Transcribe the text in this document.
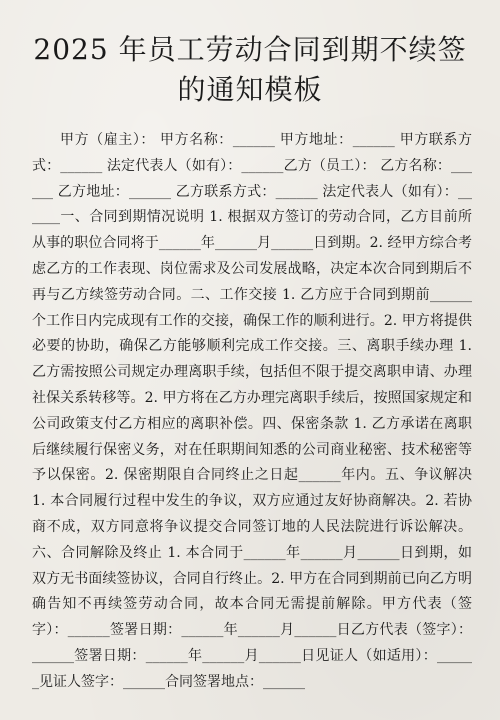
2025 年员工劳动合同到期不续签
的通知模板

甲方（雇主）： 甲方名称：______ 甲方地址：______ 甲方联系方式：______ 法定代表人（如有）：______乙方（员工）： 乙方名称：______ 乙方地址：______ 乙方联系方式：______ 法定代表人（如有）：______一、合同到期情况说明 1. 根据双方签订的劳动合同，乙方目前所从事的职位合同将于______年______月______日到期。2. 经甲方综合考虑乙方的工作表现、岗位需求及公司发展战略，决定本次合同到期后不再与乙方续签劳动合同。二、工作交接 1. 乙方应于合同到期前______个工作日内完成现有工作的交接，确保工作的顺利进行。2. 甲方将提供必要的协助，确保乙方能够顺利完成工作交接。三、离职手续办理 1. 乙方需按照公司规定办理离职手续，包括但不限于提交离职申请、办理社保关系转移等。2. 甲方将在乙方办理完离职手续后，按照国家规定和公司政策支付乙方相应的离职补偿。四、保密条款 1. 乙方承诺在离职后继续履行保密义务，对在任职期间知悉的公司商业秘密、技术秘密等予以保密。2. 保密期限自合同终止之日起______年内。五、争议解决 1. 本合同履行过程中发生的争议，双方应通过友好协商解决。2. 若协商不成，双方同意将争议提交合同签订地的人民法院进行诉讼解决。六、合同解除及终止 1. 本合同于______年______月______日到期，如双方无书面续签协议，合同自行终止。2. 甲方在合同到期前已向乙方明确告知不再续签劳动合同，故本合同无需提前解除。甲方代表（签字）：______签署日期：______年______月______日乙方代表（签字）：______签署日期：______年______月______日见证人（如适用）：______见证人签字：______合同签署地点：______
